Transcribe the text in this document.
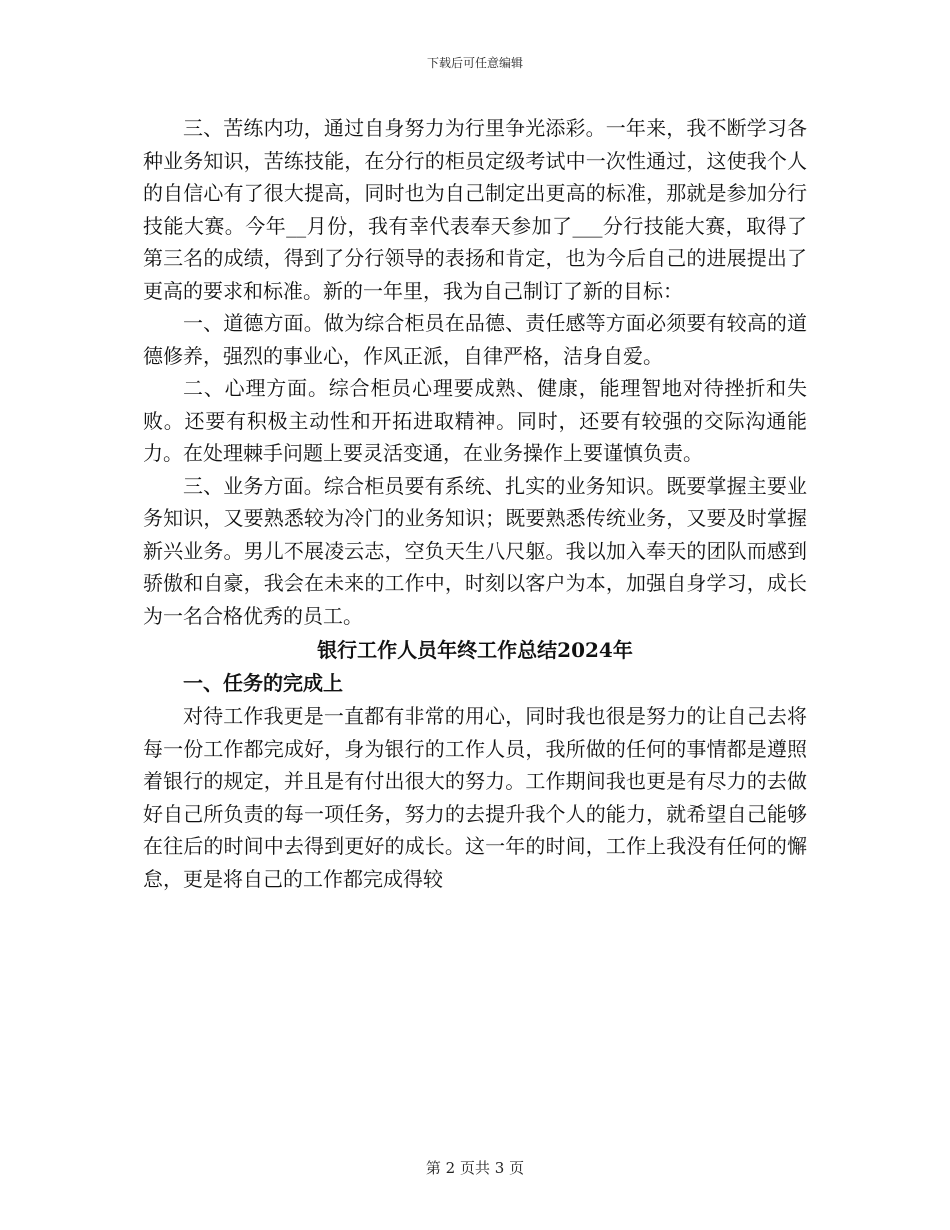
下载后可任意编辑

三、苦练内功，通过自身努力为行里争光添彩。一年来，我不断学习各种业务知识，苦练技能，在分行的柜员定级考试中一次性通过，这使我个人的自信心有了很大提高，同时也为自己制定出更高的标准，那就是参加分行技能大赛。今年__月份，我有幸代表奉天参加了___分行技能大赛，取得了第三名的成绩，得到了分行领导的表扬和肯定，也为今后自己的进展提出了更高的要求和标准。新的一年里，我为自己制订了新的目标：

一、道德方面。做为综合柜员在品德、责任感等方面必须要有较高的道德修养，强烈的事业心，作风正派，自律严格，洁身自爱。

二、心理方面。综合柜员心理要成熟、健康，能理智地对待挫折和失败。还要有积极主动性和开拓进取精神。同时，还要有较强的交际沟通能力。在处理棘手问题上要灵活变通，在业务操作上要谨慎负责。

三、业务方面。综合柜员要有系统、扎实的业务知识。既要掌握主要业务知识，又要熟悉较为冷门的业务知识；既要熟悉传统业务，又要及时掌握新兴业务。男儿不展凌云志，空负天生八尺躯。我以加入奉天的团队而感到骄傲和自豪，我会在未来的工作中，时刻以客户为本，加强自身学习，成长为一名合格优秀的员工。

银行工作人员年终工作总结2024年
一、任务的完成上

对待工作我更是一直都有非常的用心，同时我也很是努力的让自己去将每一份工作都完成好，身为银行的工作人员，我所做的任何的事情都是遵照着银行的规定，并且是有付出很大的努力。工作期间我也更是有尽力的去做好自己所负责的每一项任务，努力的去提升我个人的能力，就希望自己能够在往后的时间中去得到更好的成长。这一年的时间，工作上我没有任何的懈怠，更是将自己的工作都完成得较

第 2 页共 3 页
